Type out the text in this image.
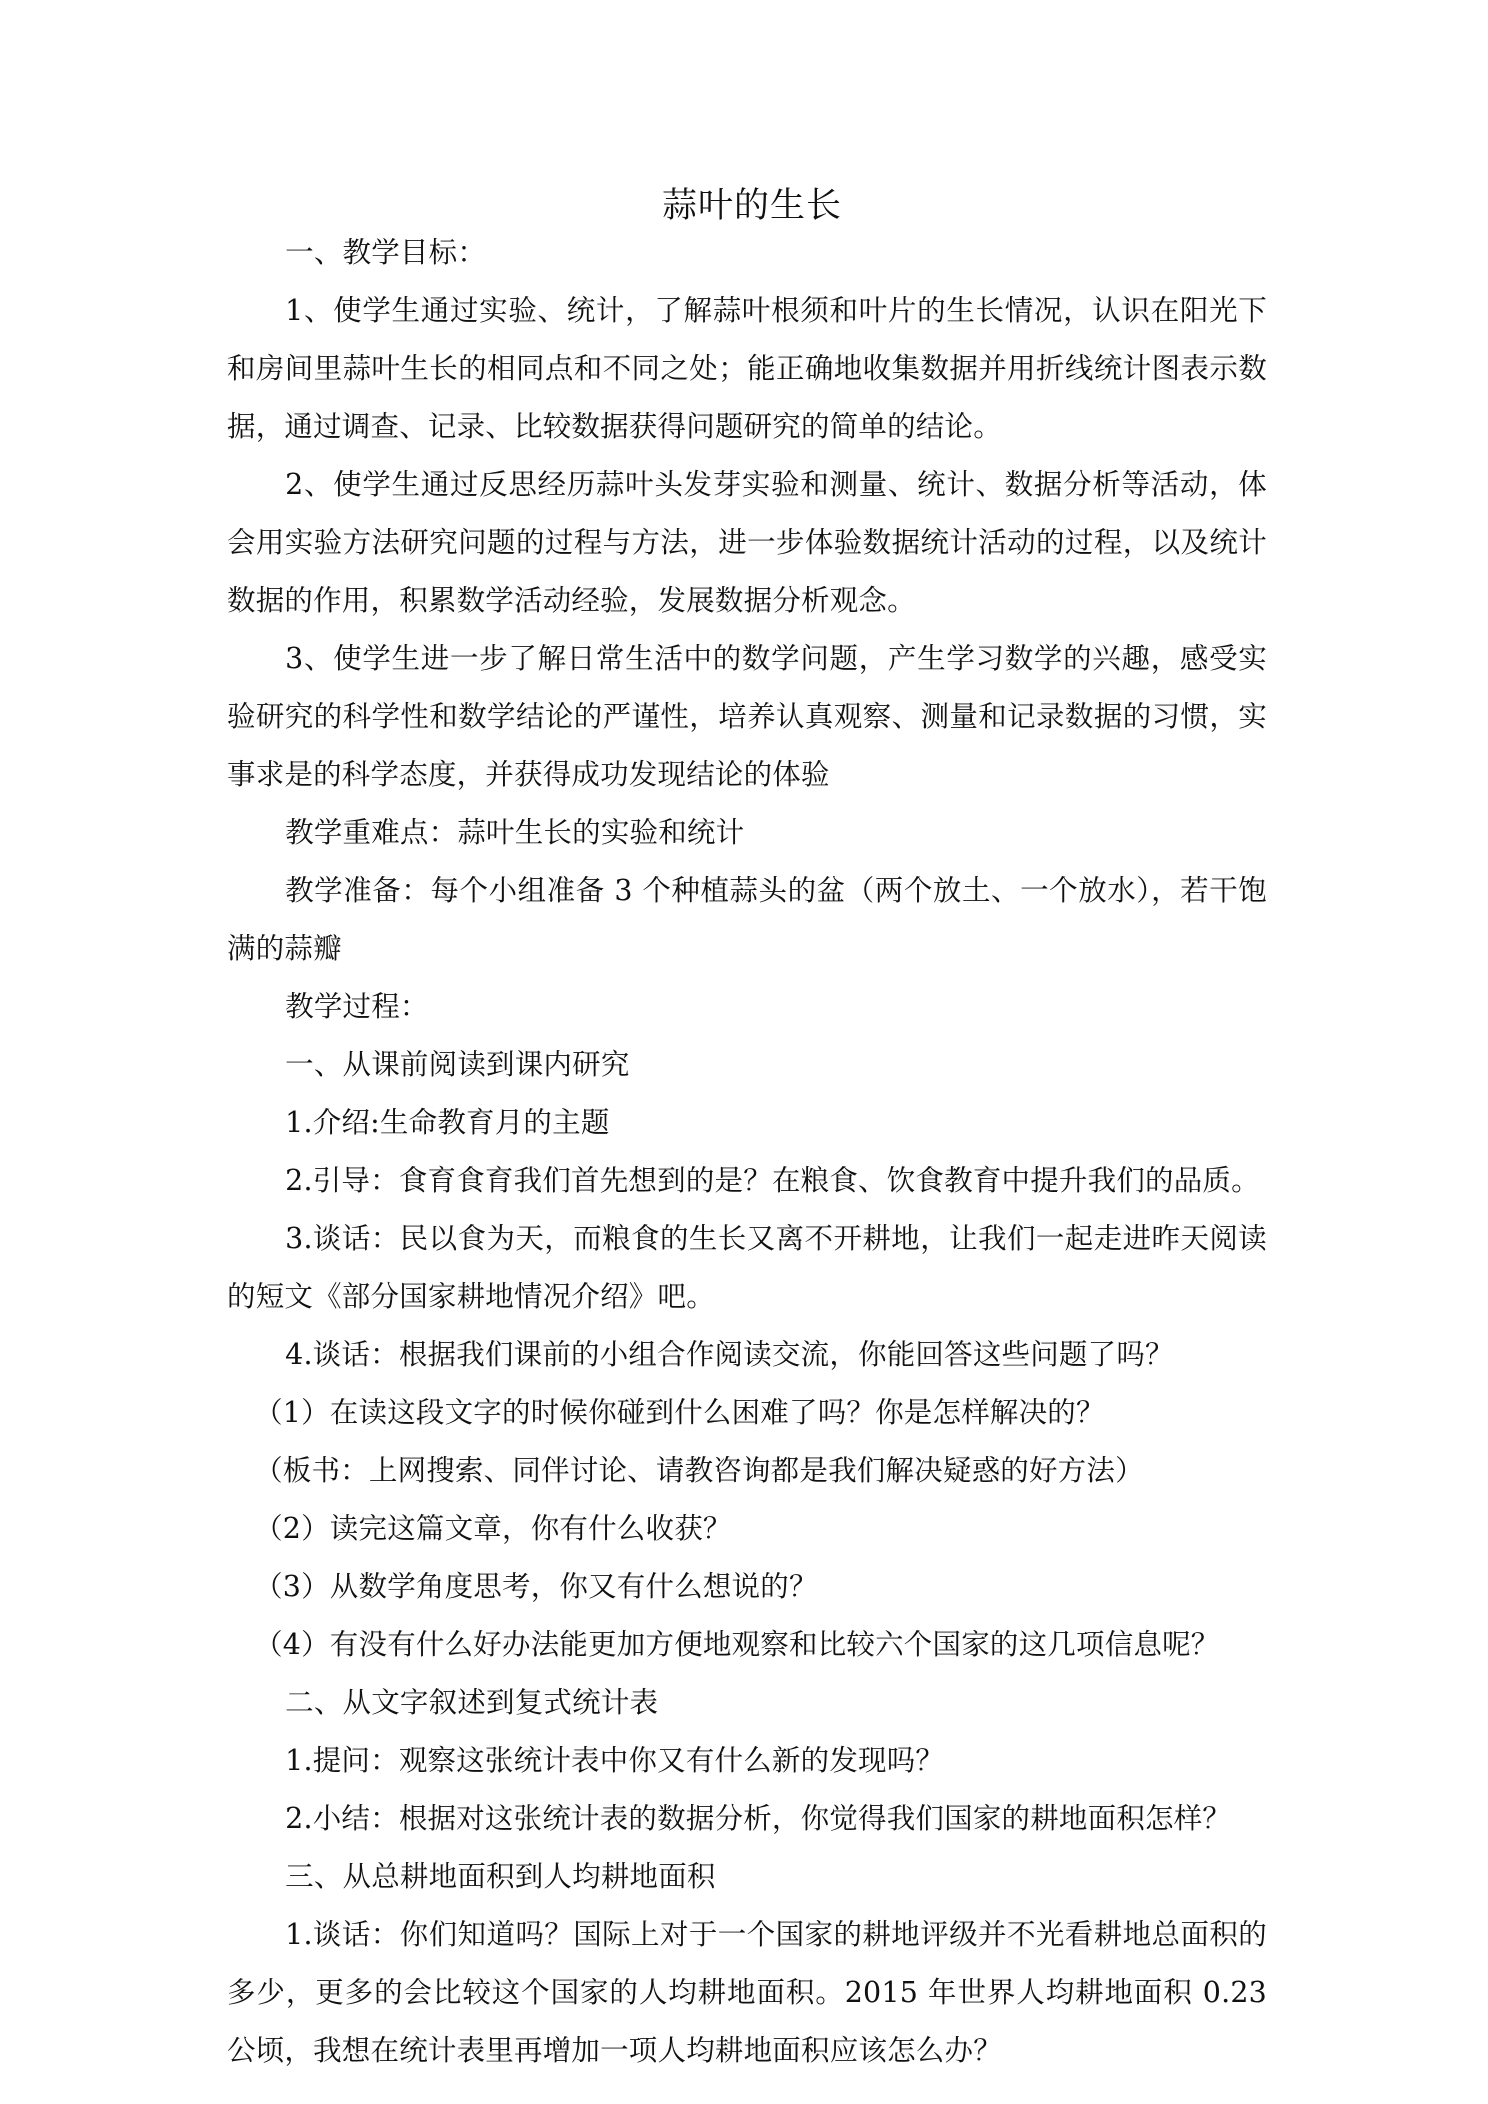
蒜叶的生长

一、教学目标：

1、使学生通过实验、统计，了解蒜叶根须和叶片的生长情况，认识在阳光下和房间里蒜叶生长的相同点和不同之处；能正确地收集数据并用折线统计图表示数据，通过调查、记录、比较数据获得问题研究的简单的结论。

2、使学生通过反思经历蒜叶头发芽实验和测量、统计、数据分析等活动，体会用实验方法研究问题的过程与方法，进一步体验数据统计活动的过程，以及统计数据的作用，积累数学活动经验，发展数据分析观念。

3、使学生进一步了解日常生活中的数学问题，产生学习数学的兴趣，感受实验研究的科学性和数学结论的严谨性，培养认真观察、测量和记录数据的习惯，实事求是的科学态度，并获得成功发现结论的体验

教学重难点：蒜叶生长的实验和统计

教学准备：每个小组准备 3 个种植蒜头的盆（两个放土、一个放水），若干饱满的蒜瓣

教学过程：

一、从课前阅读到课内研究

1.介绍:生命教育月的主题

2.引导：食育食育我们首先想到的是？在粮食、饮食教育中提升我们的品质。

3.谈话：民以食为天，而粮食的生长又离不开耕地，让我们一起走进昨天阅读的短文《部分国家耕地情况介绍》吧。

4.谈话：根据我们课前的小组合作阅读交流，你能回答这些问题了吗？

（1）在读这段文字的时候你碰到什么困难了吗？你是怎样解决的？

（板书：上网搜索、同伴讨论、请教咨询都是我们解决疑惑的好方法）

（2）读完这篇文章，你有什么收获？

（3）从数学角度思考，你又有什么想说的？

（4）有没有什么好办法能更加方便地观察和比较六个国家的这几项信息呢？

二、从文字叙述到复式统计表

1.提问：观察这张统计表中你又有什么新的发现吗？

2.小结：根据对这张统计表的数据分析，你觉得我们国家的耕地面积怎样？

三、从总耕地面积到人均耕地面积

1.谈话：你们知道吗？国际上对于一个国家的耕地评级并不光看耕地总面积的多少，更多的会比较这个国家的人均耕地面积。2015 年世界人均耕地面积 0.23 公顷，我想在统计表里再增加一项人均耕地面积应该怎么办？
